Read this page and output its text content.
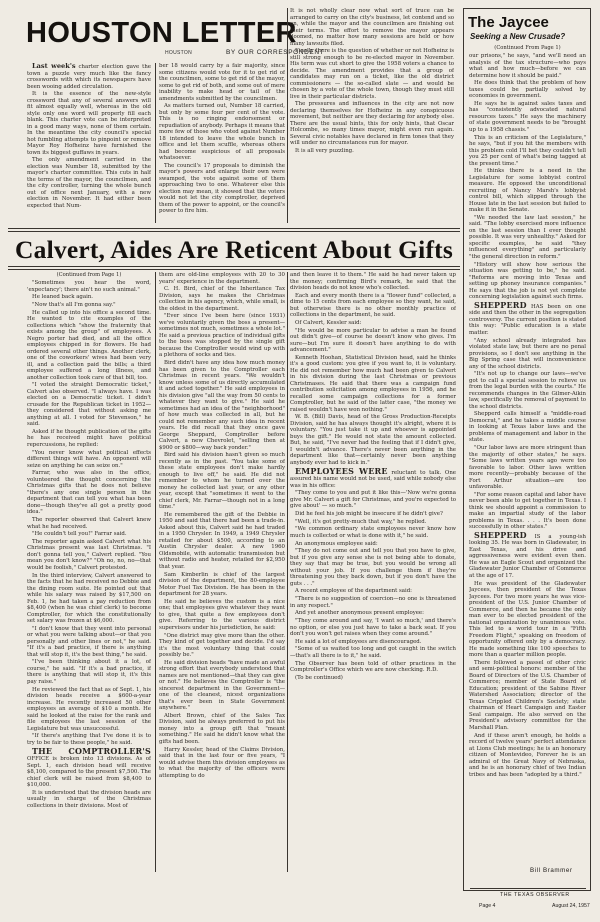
HOUSTON LETTER
HOUSTON	BY OUR CORRESPONDENT

Last week's charter election gave the town a puzzle very much like the fancy crosswords with which its newspapers have been wooing added circulation.

It is the essence of the new-style crossword that any of several answers will fit almost equally well, whereas in the old style only one word will properly fill each blank. This charter vote can be interpreted in a good many ways, none of them certain. In the meantime the city council's special hot fumbling attempts to pinpoint or remove Mayor Roy Hofheinz have furnished the town its biggest guffaws in years.

The only amendment carried in the election was Number 18, submitted by the mayor's charter committee. This cuts in half the terms of the mayor, the councilmen, and the city controller, turning the whole bunch out of office next January, with a new election in November. It had either been expected that Num-

ber 18 would carry by a fair majority, since some citizens would vote for it to get rid of the councilmen, some to get rid of the mayor, some to get rid of both, and some out of mere inability to make head or tail of the amendments submitted by the councilmen.

As matters turned out, Number 18 carried, but only by some four per cent of the vote. This is no ringing endorsement or repudiation of anybody. Perhaps it means that more few of those who voted against Number 18 intended to leave the whole bunch in office and let them scuffle, whereas others had become suspicious of all proposals whatsoever.

The council's 17 proposals to diminish the mayor's powers and enlarge their own were swamped, the vote against some of them approaching two to one. Whatever else this election may mean, it showed that the voters would not let the city comptroller, deprived them of the power to appoint, or the council's power to fire him.

It is not wholly clear now what sort of truce can be arranged to carry on the city's business, let contend and so on, while the mayor and the councilmen are finishing out their terms. The effort to remove the mayor appears doomed, no matter how many sessions are held or how many lawsuits filed.

Finally there is the question of whether or not Hofheinz is still strong enough to be re-elected mayor in November. His term was cut short to give the 1958 voters a chance to decide. The amendment provides that a group of candidates may run on a ticket, like the old district commissioners — the so-called slate — and would be chosen by a vote of the whole town, though they must still live in their particular districts.

The pressures and influences in the city are not now declaring themselves for Hofheinz in any conspicuous movement, but neither are they declaring for anybody else. There are the usual hints, this for only hints, that Oscar Holcombe, so many times mayor, might even run again. Several civic notables have declared in firm tones that they will under no circumstances run for mayor.

It is all very puzzling.

Calvert, Aides Are Reticent About Gifts

(Continued from Page 1)

"Sometimes you hear the word, 'expectancy'; there ain't no such animal."

He leaned back again.

"Now that's all I'm gonna say."

He called up into his office a second time. He wanted to cite examples of the collections which "show the fraternity that exists among the group" of employees. A Negro porter had died, and all the office employees chipped in for flowers. He had ordered several other things. Another clerk, one of the coworkers' wives had been very ill, and a collection paid the bills; a third employee suffered a long illness, and another collection took care of that bill, too.

"I voted the straight Democratic ticket," Calvert also observed. "I always have. I was elected on a Democratic ticket. I didn't crusade for the Republican ticket in 1952—they considered that without asking me anything at all. I voted for Stevenson," he said.

Asked if he thought publication of the gifts he has received might have political repercussions, he replied:

"You never know what political effects different things will have. An opponent will seize on anything he can seize on."

Farrar, who was also in the office, volunteered the thought concerning the Christmas gifts that he does not believe "there's any one single person in the department that can tell you what has been done—though they've all got a pretty good idea."

The reporter observed that Calvert knew what he had received.

"He couldn't tell you!" Farrar said.

The reporter again asked Calvert what his Christmas present was last Christmas. "I don't gonna tell you," Calvert replied. "You mean you don't know?" "Oh no, no, no—that would be foolish," Calvert protested.

In the third interview, Calvert answered to the facts that he had received no Debbie and the dining room suite. He pointed out that while his salary was raised by $17,500 on Feb. 1, he had taken a pay reduction from $8,400 (when he was chief clerk) to become Comptroller, for which the constitutionally set salary was frozen at $6,000.

"I don't know that they went into personal or what you were talking about—or that you personally and other lines or not," he said. "If it's a bad practice, if there is anything that will stop it, it's the best thing," he said.

"I've been thinking about it a lot, of course," he said. "If it's a bad practice, if there is anything that will stop it, it's this pay raise."

He reviewed the fact that as of Sept. 1, his division heads receive a $600-a-year increase. He recently increased 50 other employees an average of $10 a month. He said he looked at the raise for the rank and file employees the last session of the Legislature but was unsuccessful.

"If there's anything that I've done it is to try to be fair to these people," he said.

THE COMPTROLLER'S OFFICE is broken into 13 divisions. As of Sept. 1, each division head will receive $8,100, compared to the present $7,500. The chief clerk will be raised from $8,400 to $10,000.

It is understood that the division heads are usually in charge of the Christmas collections in their divisions. Most of

them are old-line employees with 20 to 30 years' experience in the department.

C. H. Bird, chief of the Inheritance Tax Division, says he makes the Christmas collection in his agency, which, while small, is the oldest in the department.

"Ever since I've been here (since 1931) we've voluntarily given the boss a present—sometimes not much, sometimes a whole lot." He said a previous practice of individual gifts to the boss was stopped by the single gift because the Comptroller would wind up with a plethora of socks and ties.

Bird didn't have any idea how much money has been given to the Comptroller each Christmas in recent years. "We wouldn't know unless some of us directly accumulated it and acted together." He said employees in his division give "all the way from 50 cents to whatever they want to give." He said he sometimes had an idea of the "neighborhood" of how much was collected in all, but he could not remember any such idea in recent years. He did recall that they once gave George Sheppard, Comptroller before Calvert, a new Chevrolet, "selling then at $900 or $800—way back yonder."

Bird said his division hasn't given so much recently as in the past. "You take some of these state employees don't make hardly enough to live off," he said. He did not remember to whom he turned over the money he collected last year, or any other year, except that "sometimes it went to the chief clerk, Mr. Farrar—though not in a long time."

He remembered the gift of the Debbie in 1950 and said that there had been a trade-in. Asked about this, Calvert said he had traded in a 1950 Chrysler. In 1949, a 1949 Chrysler retailed for about $500, according to an Austin Chrysler dealer. A new 1960 Oldsmobile, with automatic transmission but without radio and heater, retailed for $2,950 that year.

Sam Kimberlin is chief of the largest division of the department, the 80-employee Motor Fuel Tax Division. He has been in the department for 28 years.

He said he believes the custom is a nice one; that employees give whatever they want to give, that quite a few employees don't give. Referring to the various district supervisors under his jurisdiction, he said:

"One district may give more than the other. They kind of get together and decide. I'd say it's the most voluntary thing that could possibly be."

He said division heads "have made an awful strong effort that everybody understood that names are not mentioned—that they can give or not." He believes the Comptroller is "the sincerest department in the Government—one of the cleanest, nicest organizations that's ever been in State Government anywhere."

Albert Brown, chief of the Sales Tax Division, said he always preferred to put his money into a group gift that "meant something." He said he didn't know what the gifts had been.

Harry Kessler, head of the Claims Division, said that in the last four or five years, "I would advise them this division employees as to what the majority of the officers were attempting to do

and then leave it to them." He said he had never taken up the money; confirming Bird's remark, he said that the division heads do not know who's collected.

Each and every month there is a "flower fund" collected, a dime to 15 cents from each employee so they want, he said, but otherwise there is no other monthly practice of collections in the department, he said.

Of Calvert, Kessler said:

"He would be more particular to advise a man he found out didn't give—of course he doesn't know who gives. I'm sure—but I'm sure it doesn't have anything to do with advancement."

Kenneth Hoohan, Statistical Division head, said he thinks it's a good custom: you give if you want to, it is voluntary. He did not remember how much had been given to Calvert in his division during the last Christmas or previous Christmases. He said that there was a campaign fund contribution solicitation among employees in 1956, and he recalled some campaign collections for a former Comptroller, but he said of the latter case, "the money we raised wouldn't have won nothing."

W. B. (Bill) Davis, head of the Gross Production-Receipts Division, said he has always thought it's alright, where it is voluntary. "You just take it up and whoever is appointed buys the gift." He would not state the amount collected. But, he said, "I've never had the feeling that if I didn't give, I wouldn't advance. There's never been anything in the department like that—certainly never been anything anybody ever had to kick in."

EMPLOYEES WERE reluctant to talk. One assured his name would not be used, said while nobody else was in his office:

"They come to you and put it like this—'Now we're gonna give Mr. Calvert a gift for Christmas, and you're expected to give about' — so much."

Did he feel his job might be insecure if he didn't give?

"Well, it's got pretty-much that way," he replied.

"We common ordinary state employees never know how much is collected or what is done with it," he said.

An anonymous employee said:

"They do not come out and tell you that you have to give, but if you give any sense she is not being able to donate, they say that may be true, but you would be wrong all without your job. If you challenge them if they're threatening you they back down, but if you don't have the guts . . ."

A recent employee of the department said:

"There is no suggestion of coercion—no one is threatened in any respect."

And yet another anonymous present employee:

"They come around and say, 'I want so much,' and there's no option, or else you just have to take a back seat. If you don't you won't get raises when they come around."

He said a lot of employees are disencouraged.

"Some of us waited too long and got caught in the switch—that's all there is to it," he said.

The Observer has been told of other practices in the Comptroller's Office which we are now checking. R.D.

(To be continued)

The Jaycee
Seeking a New Crusade?

(Continued From Page 1)

our prisons," he says, "and we'll need an analysis of the tax structure—who pays what and how much—before we can determine how it should be paid."

He does think that the problem of how taxes could be partially solved by economies in government.

He says he is against sales taxes and has "consistently advocated natural resources taxes." He says the machinery of state government needs to be "brought up to a 1958 chassis."

This is an criticism of the Legislature," he says, "but if you hit the members with this problem cold I'll bet they couldn't tell you 25 per cent of what's being tagged at the present time."

He thinks there is a need in the Legislature for some lobbyist control measure. He opposed the unconditional recruiting of Nancy Marsh's lobbyist control bill, which slipped through the House late in the last session but failed to make it in the Senate.

"We needed the law last session," he said. "The lobby exercised more influence on the last session than I ever thought possible. It was very unhealthy." Asked for specific examples, he said "they influenced everything" and particularly "the general direction in reform."

"History will show how serious the situation was getting to be," he said. "Reforms are moving into Texas and setting up phoney insurance companies." He says that the job is not yet complete concerning legislation against such firms.

SHEPPERD HAS been on one side and then the other in the segregation controversy. The current position is stated this way: "Public education is a state matter.

"Any school already integrated has violated state law, but there are no penal provisions, so I don't see anything in the Big Spring case that will inconvenience any of the school districts.

"It's not up to change our laws—we've got to call a special session to relieve us from the legal burden with the courts." He recommends changes in the Gilmer-Aikin law, specifically the removal of payment to the school districts.

Shepperd calls himself a "middle-road Democrat," and he takes a middle course in looking at Texas labor laws and the problems of management and labor in the state.

"Our labor laws are more stringent than the majority of other states," he says. "Some laws written years ago were too favorable to labor. Other laws written more recently—probably because of the Fort Arthur situation—are too unfavorable.

"For some reason capital and labor have never been able to get together in Texas. I think we should appoint a commission to make an impartial study of the labor problems in Texas. . . . It's been done successfully in other states."

SHEPPERD IS a young-ish looking 35. He was born in Gladewater, in East Texas, and his drive and aggressiveness were evident even then. He was an Eagle Scout and organized the Gladewater Junior Chamber of Commerce at the age of 17.

He was president of the Gladewater Jaycees, then president of the Texas Jaycees. For two more years he was vice-president of the U.S. Junior Chamber of Commerce, and then he became the only man ever to be elected president of the national organization by unanimous vote. This led to a world tour in a "Fifth Freedom Flight," speaking on freedom of opportunity offered only by a democracy. He made something like 100 speeches to more than a quarter million people.

There followed a passel of other civic and semi-political honors: member of the Board of Directors of the U.S. Chamber of Commerce; member of State Board of Education; president of the Sabine River Watershed Association; director of the Texas Crippled Children's Society; state chairman of Heart Campaign and Easter Seal campaign. He also served on the President's advisory committee for the Marshall Plan.

And if these aren't enough, he holds a record of twelve years' perfect attendance at Lions Club meetings; he is an honorary citizen of Montevideo, Forever he is an admiral of the Great Navy of Nebraska, and he is an honorary chief of two Indian tribes and has been "adopted by a third."

Bill Brammer
THE TEXAS OBSERVER
Page 4	August 24, 1957
